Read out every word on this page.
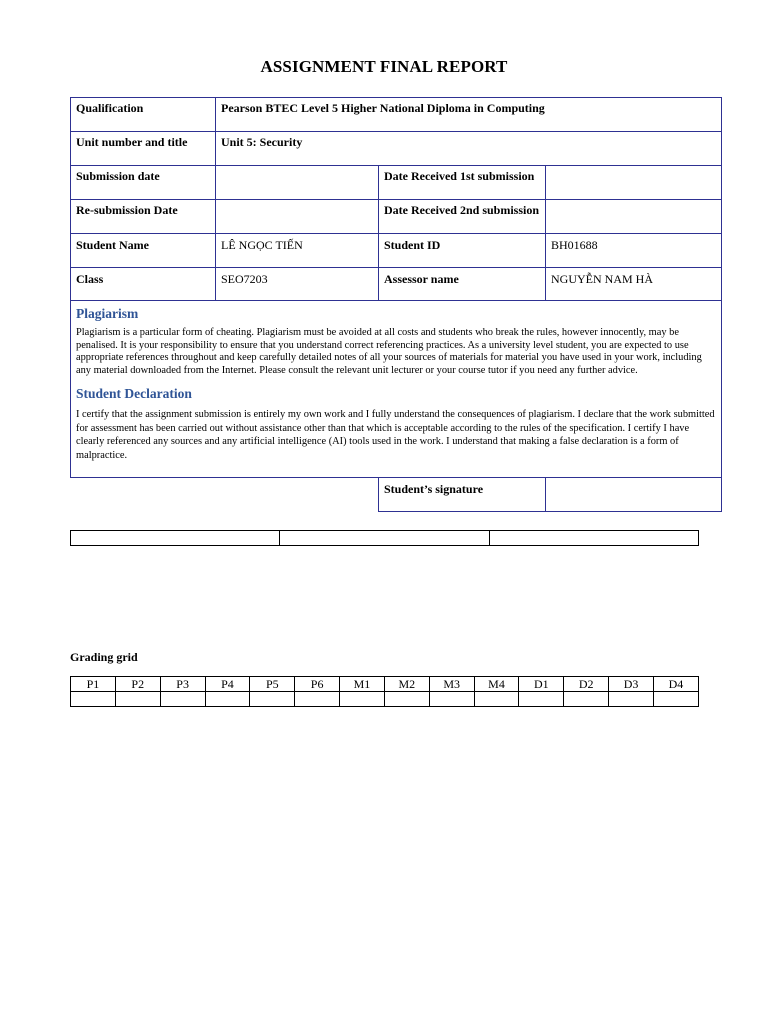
ASSIGNMENT FINAL REPORT
Qualification	Pearson BTEC Level 5 Higher National Diploma in Computing		
Unit number and title	Unit 5: Security		
Submission date		Date Received 1st submission	
Re-submission Date		Date Received 2nd submission	
Student Name	LÊ NGỌC TIẾN	Student ID	BH01688
Class	SEO7203	Assessor name	NGUYỄN NAM HÀ

Plagiarism
Plagiarism is a particular form of cheating. Plagiarism must be avoided at all costs and students who break the rules, however innocently, may be penalised. It is your responsibility to ensure that you understand correct referencing practices. As a university level student, you are expected to use appropriate references throughout and keep carefully detailed notes of all your sources of materials for material you have used in your work, including any material downloaded from the Internet. Please consult the relevant unit lecturer or your course tutor if you need any further advice.
Student Declaration
I certify that the assignment submission is entirely my own work and I fully understand the consequences of plagiarism. I declare that the work submitted for assessment has been carried out without assistance other than that which is acceptable according to the rules of the specification. I certify I have clearly referenced any sources and any artificial intelligence (AI) tools used in the work. I understand that making a false declaration is a form of malpractice.			

		Student’s signature	

Grading grid
P1	P2	P3	P4	P5	P6	M1	M2	M3	M4	D1	D2	D3	D4
